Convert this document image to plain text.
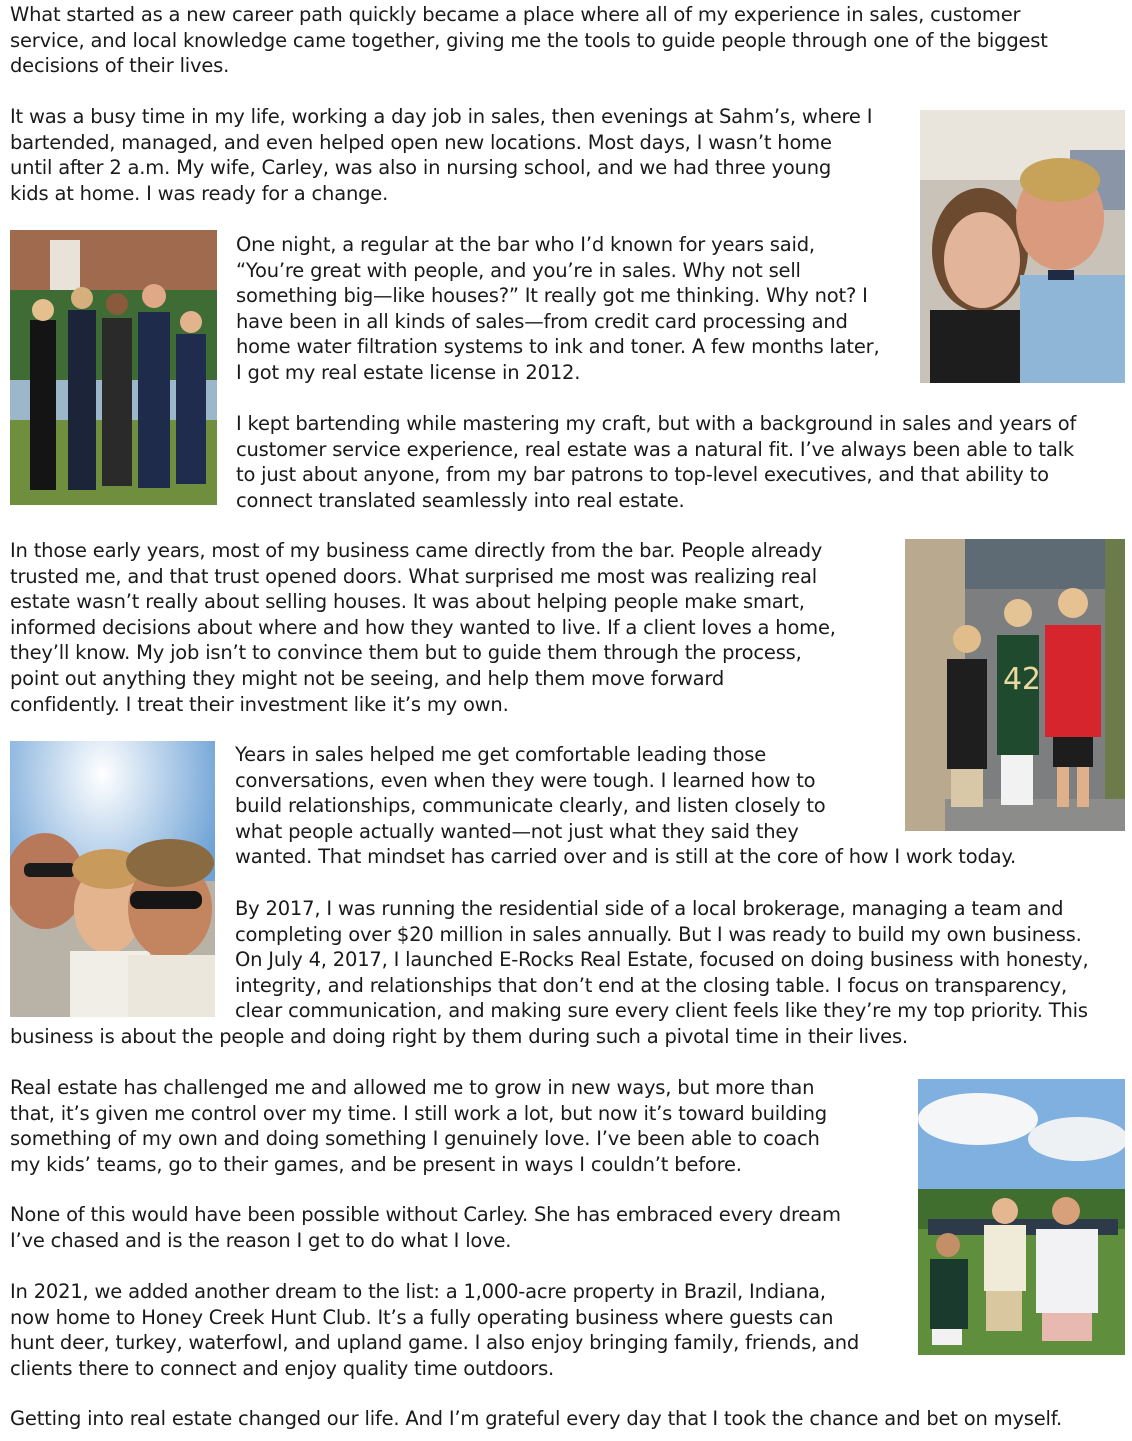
What started as a new career path quickly became a place where all of my experience in sales, customer
service, and local knowledge came together, giving me the tools to guide people through one of the biggest
decisions of their lives.

It was a busy time in my life, working a day job in sales, then evenings at Sahm’s, where I
bartended, managed, and even helped open new locations. Most days, I wasn’t home
until after 2 a.m. My wife, Carley, was also in nursing school, and we had three young
kids at home. I was ready for a change.

One night, a regular at the bar who I’d known for years said,
“You’re great with people, and you’re in sales. Why not sell
something big—like houses?” It really got me thinking. Why not? I
have been in all kinds of sales—from credit card processing and
home water filtration systems to ink and toner. A few months later,
I got my real estate license in 2012.

I kept bartending while mastering my craft, but with a background in sales and years of
customer service experience, real estate was a natural fit. I’ve always been able to talk
to just about anyone, from my bar patrons to top-level executives, and that ability to
connect translated seamlessly into real estate.

In those early years, most of my business came directly from the bar. People already
trusted me, and that trust opened doors. What surprised me most was realizing real
estate wasn’t really about selling houses. It was about helping people make smart,
informed decisions about where and how they wanted to live. If a client loves a home,
they’ll know. My job isn’t to convince them but to guide them through the process,
point out anything they might not be seeing, and help them move forward
confidently. I treat their investment like it’s my own.

Years in sales helped me get comfortable leading those
conversations, even when they were tough. I learned how to
build relationships, communicate clearly, and listen closely to
what people actually wanted—not just what they said they
wanted. That mindset has carried over and is still at the core of how I work today.

By 2017, I was running the residential side of a local brokerage, managing a team and
completing over $20 million in sales annually. But I was ready to build my own business.
On July 4, 2017, I launched E-Rocks Real Estate, focused on doing business with honesty,
integrity, and relationships that don’t end at the closing table. I focus on transparency,
clear communication, and making sure every client feels like they’re my top priority. This
business is about the people and doing right by them during such a pivotal time in their lives.

Real estate has challenged me and allowed me to grow in new ways, but more than
that, it’s given me control over my time. I still work a lot, but now it’s toward building
something of my own and doing something I genuinely love. I’ve been able to coach
my kids’ teams, go to their games, and be present in ways I couldn’t before.

None of this would have been possible without Carley. She has embraced every dream
I’ve chased and is the reason I get to do what I love.

In 2021, we added another dream to the list: a 1,000-acre property in Brazil, Indiana,
now home to Honey Creek Hunt Club. It’s a fully operating business where guests can
hunt deer, turkey, waterfowl, and upland game. I also enjoy bringing family, friends, and
clients there to connect and enjoy quality time outdoors.

Getting into real estate changed our life. And I’m grateful every day that I took the chance and bet on myself.

42
